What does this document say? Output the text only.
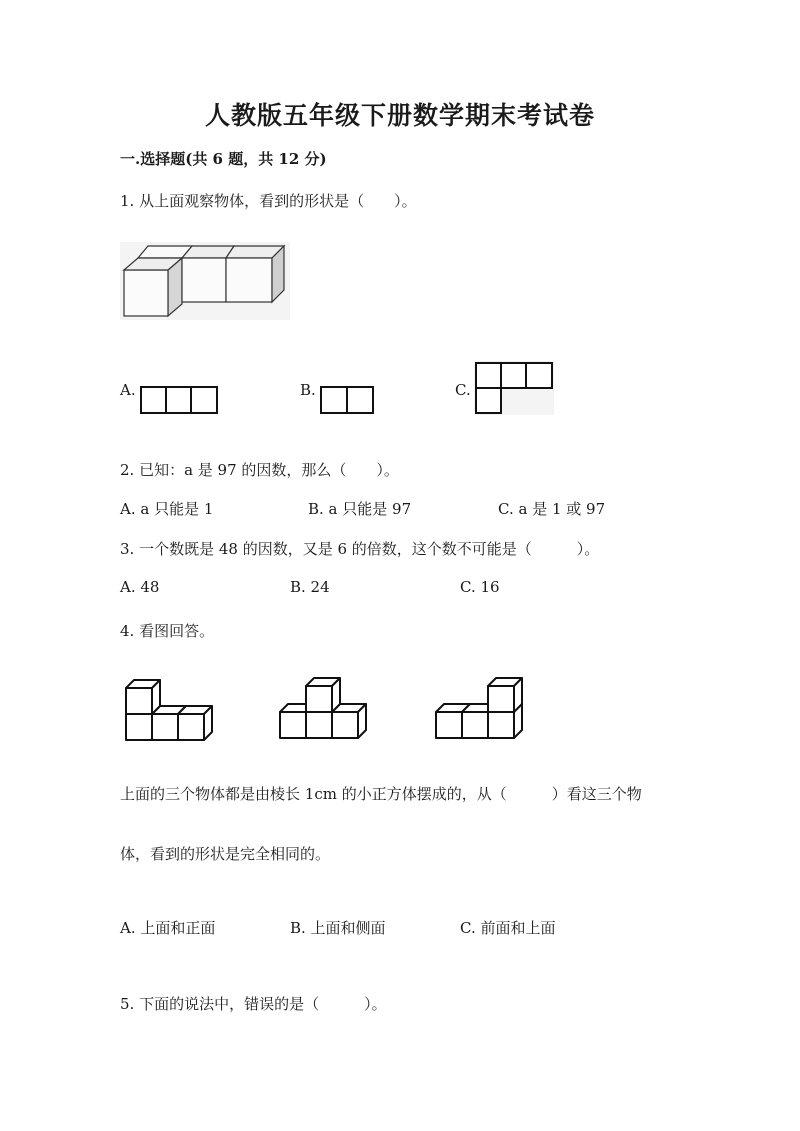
人教版五年级下册数学期末考试卷
一.选择题(共 6 题，共 12 分)
1. 从上面观察物体，看到的形状是（　　）。
A.	B.	C.
2. 已知：a 是 97 的因数，那么（　　）。
A. a 只能是 1	B. a 只能是 97	C. a 是 1 或 97
3. 一个数既是 48 的因数，又是 6 的倍数，这个数不可能是（　　　）。
A. 48	B. 24	C. 16
4. 看图回答。
上面的三个物体都是由棱长 1cm 的小正方体摆成的，从（　　　）看这三个物
体，看到的形状是完全相同的。
A. 上面和正面	B. 上面和侧面	C. 前面和上面
5. 下面的说法中，错误的是（　　　）。
